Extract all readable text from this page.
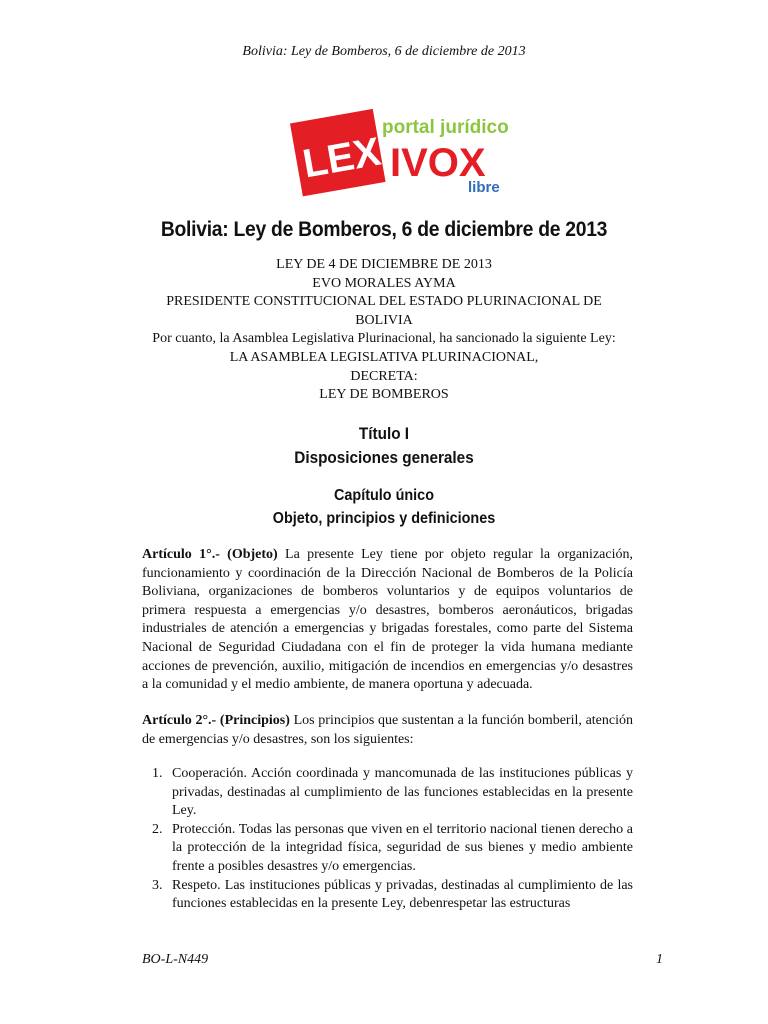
Bolivia: Ley de Bomberos, 6 de diciembre de 2013
LEX
portal jurídico
IVOX
libre
Bolivia: Ley de Bomberos, 6 de diciembre de 2013
LEY DE 4 DE DICIEMBRE DE 2013
EVO MORALES AYMA
PRESIDENTE CONSTITUCIONAL DEL ESTADO PLURINACIONAL DE BOLIVIA
Por cuanto, la Asamblea Legislativa Plurinacional, ha sancionado la siguiente Ley:
LA ASAMBLEA LEGISLATIVA PLURINACIONAL,
DECRETA:
LEY DE BOMBEROS
Título I
Disposiciones generales
Capítulo único
Objeto, principios y definiciones

Artículo 1°.- (Objeto) La presente Ley tiene por objeto regular la organización, funcionamiento y coordinación de la Dirección Nacional de Bomberos de la Policía Boliviana, organizaciones de bomberos voluntarios y de equipos voluntarios de primera respuesta a emergencias y/o desastres, bomberos aeronáuticos, brigadas industriales de atención a emergencias y brigadas forestales, como parte del Sistema Nacional de Seguridad Ciudadana con el fin de proteger la vida humana mediante acciones de prevención, auxilio, mitigación de incendios en emergencias y/o desastres a la comunidad y el medio ambiente, de manera oportuna y adecuada.

Artículo 2°.- (Principios) Los principios que sustentan a la función bomberil, atención de emergencias y/o desastres, son los siguientes:

1. Cooperación. Acción coordinada y mancomunada de las instituciones públicas y privadas, destinadas al cumplimiento de las funciones establecidas en la presente Ley.
2. Protección. Todas las personas que viven en el territorio nacional tienen derecho a la protección de la integridad física, seguridad de sus bienes y medio ambiente frente a posibles desastres y/o emergencias.
3. Respeto. Las instituciones públicas y privadas, destinadas al cumplimiento de las funciones establecidas en la presente Ley, debenrespetar las estructuras
BO-L-N449	1
